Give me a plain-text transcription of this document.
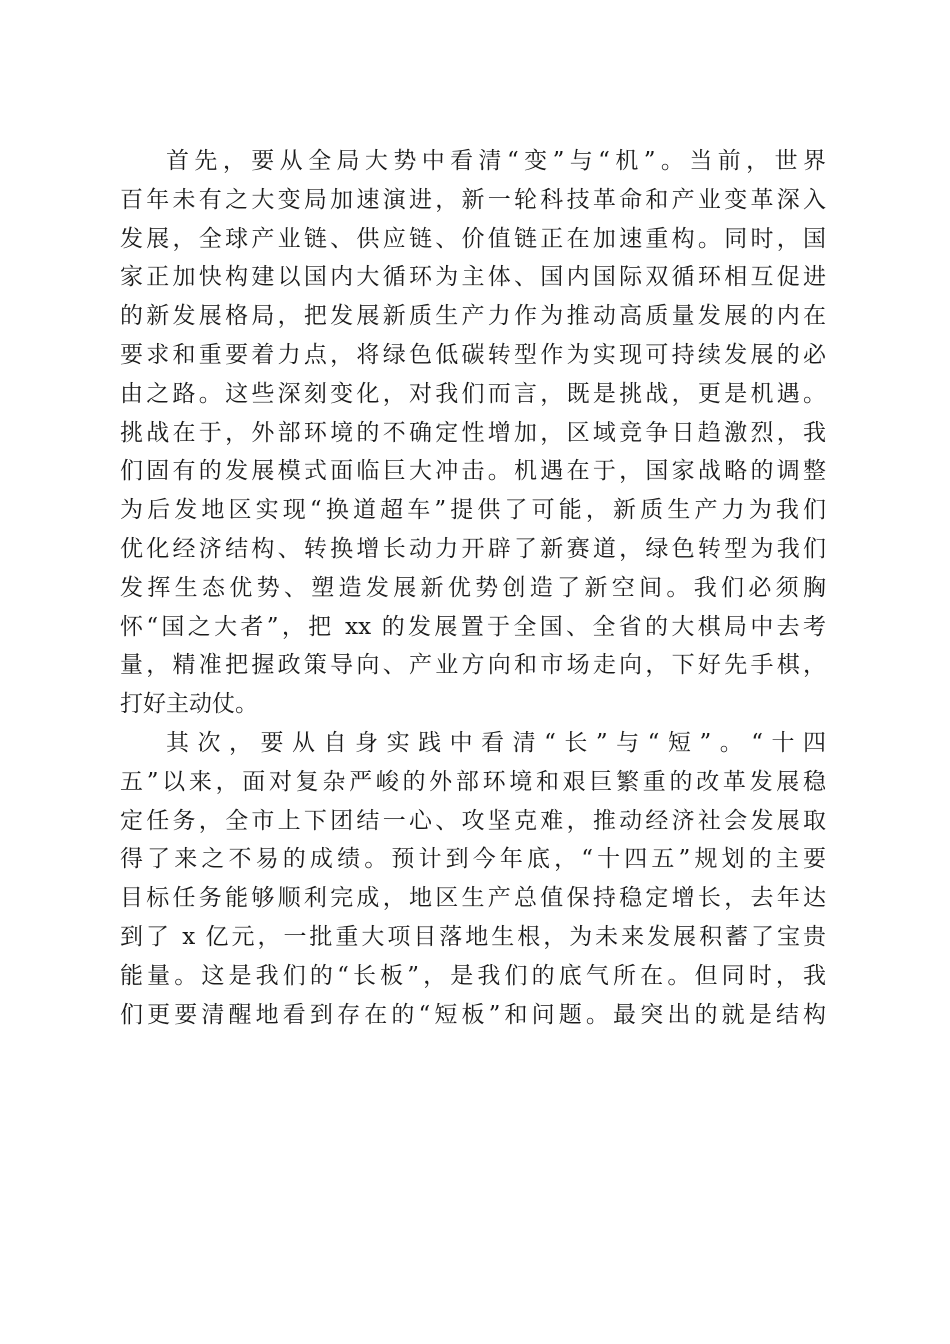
首先，要从全局大势中看清“变”与“机”。当前，世界
百年未有之大变局加速演进，新一轮科技革命和产业变革深入
发展，全球产业链、供应链、价值链正在加速重构。同时，国
家正加快构建以国内大循环为主体、国内国际双循环相互促进
的新发展格局，把发展新质生产力作为推动高质量发展的内在
要求和重要着力点，将绿色低碳转型作为实现可持续发展的必
由之路。这些深刻变化，对我们而言，既是挑战，更是机遇。
挑战在于，外部环境的不确定性增加，区域竞争日趋激烈，我
们固有的发展模式面临巨大冲击。机遇在于，国家战略的调整
为后发地区实现“换道超车”提供了可能，新质生产力为我们
优化经济结构、转换增长动力开辟了新赛道，绿色转型为我们
发挥生态优势、塑造发展新优势创造了新空间。我们必须胸
怀“国之大者”，把 xx 的发展置于全国、全省的大棋局中去考
量，精准把握政策导向、产业方向和市场走向，下好先手棋，
打好主动仗。
其次，要从自身实践中看清“长”与“短”。“十四
五”以来，面对复杂严峻的外部环境和艰巨繁重的改革发展稳
定任务，全市上下团结一心、攻坚克难，推动经济社会发展取
得了来之不易的成绩。预计到今年底，“十四五”规划的主要
目标任务能够顺利完成，地区生产总值保持稳定增长，去年达
到了 x 亿元，一批重大项目落地生根，为未来发展积蓄了宝贵
能量。这是我们的“长板”，是我们的底气所在。但同时，我
们更要清醒地看到存在的“短板”和问题。最突出的就是结构
